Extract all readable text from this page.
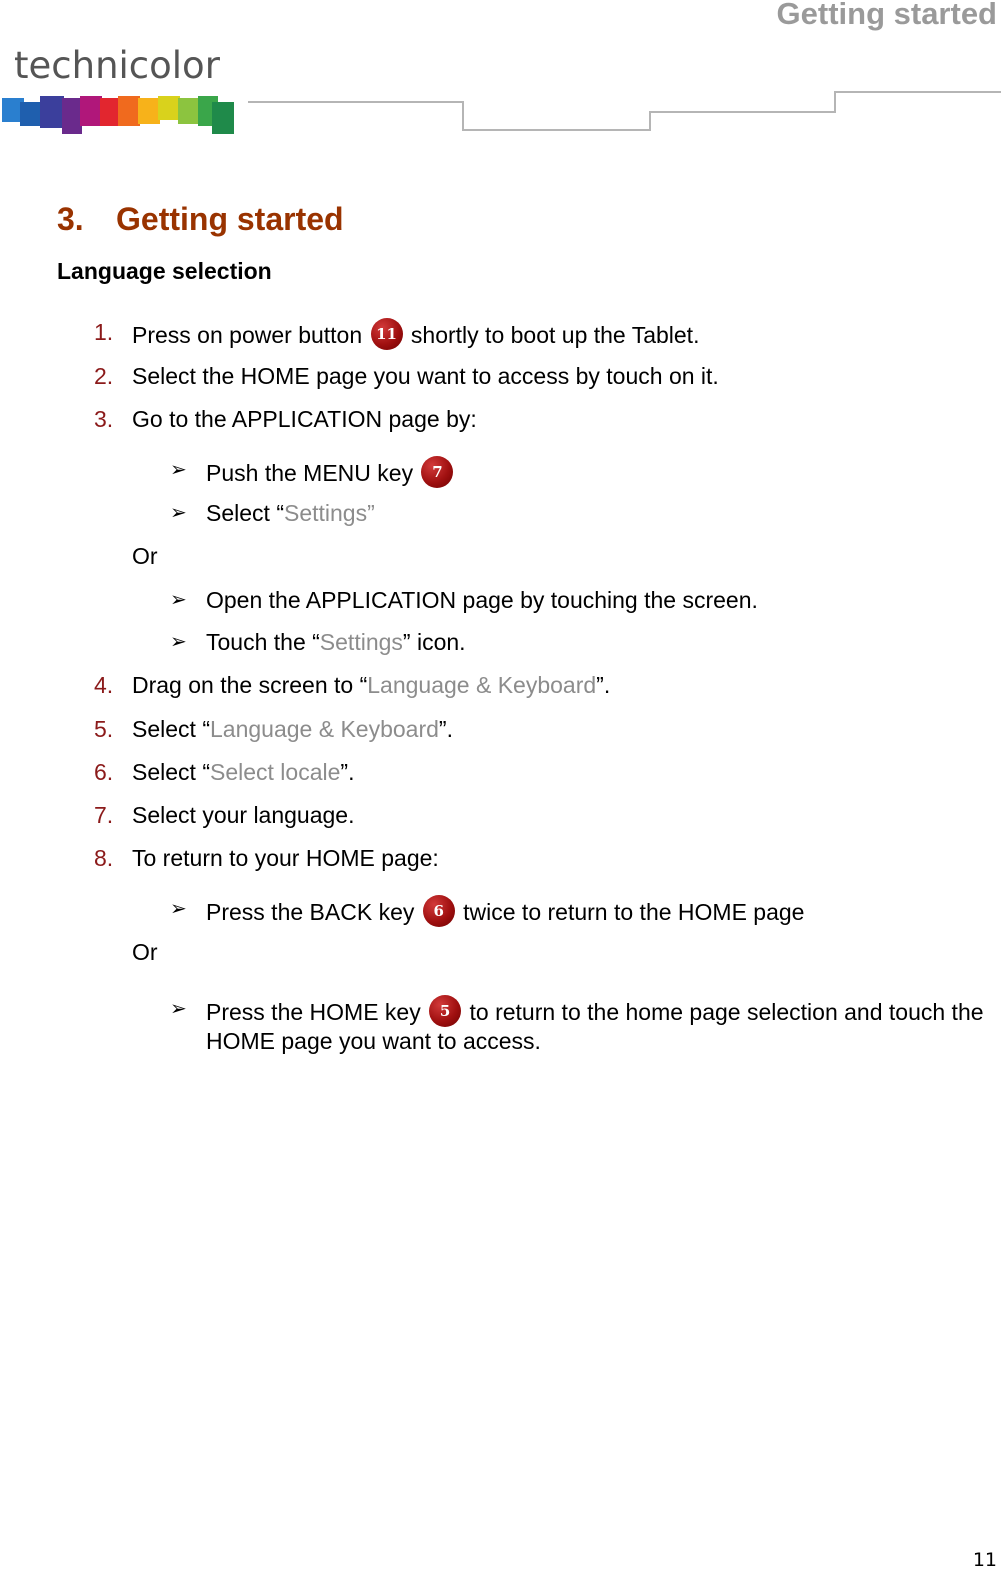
Getting started
technicolor
3. Getting started
Language selection
1. Press on power button 11 shortly to boot up the Tablet.
2. Select the HOME page you want to access by touch on it.
3. Go to the APPLICATION page by:
➢ Push the MENU key 7
➢ Select “Settings”
Or
➢ Open the APPLICATION page by touching the screen.
➢ Touch the “Settings” icon.
4. Drag on the screen to “Language & Keyboard”.
5. Select “Language & Keyboard”.
6. Select “Select locale”.
7. Select your language.
8. To return to your HOME page:
➢ Press the BACK key 6 twice to return to the HOME page
Or
➢ Press the HOME key 5 to return to the home page selection and touch the HOME page you want to access.
11
